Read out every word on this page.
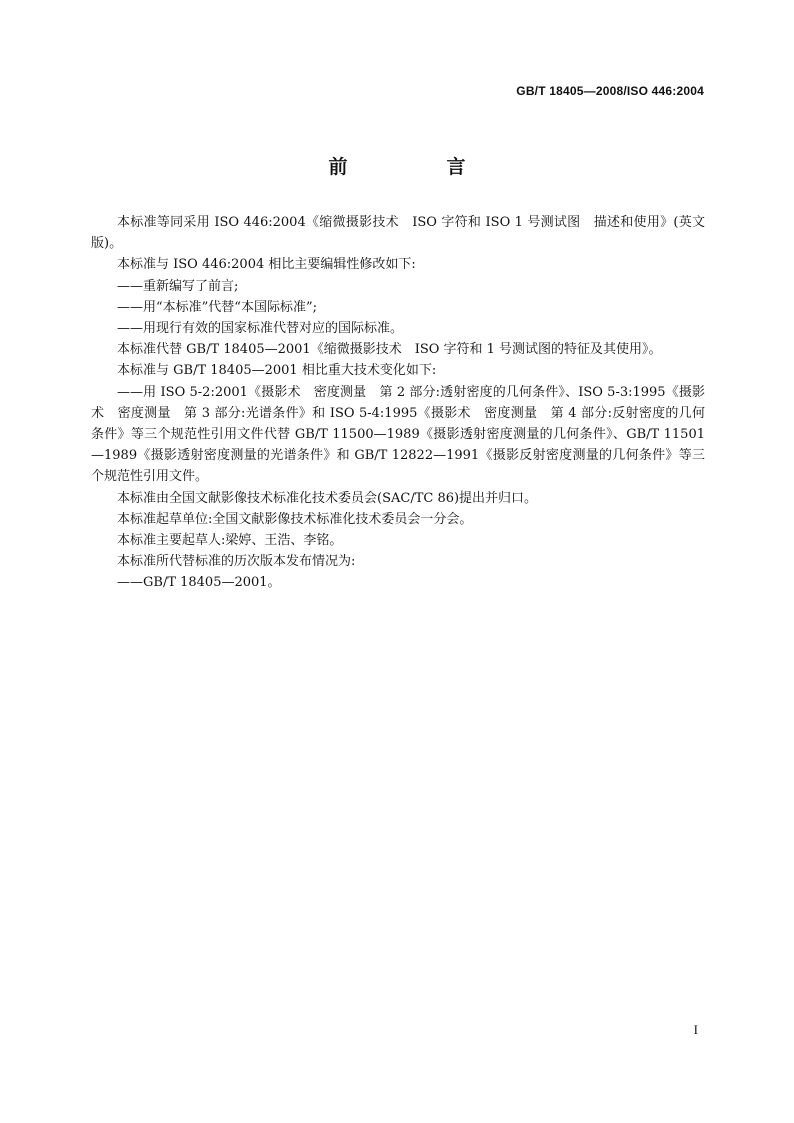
GB/T 18405—2008/ISO 446:2004
前　言

本标准等同采用 ISO 446:2004《缩微摄影技术　ISO 字符和 ISO 1 号测试图　描述和使用》(英文版)。

本标准与 ISO 446:2004 相比主要编辑性修改如下:

——重新编写了前言;

——用“本标准”代替“本国际标准”;

——用现行有效的国家标准代替对应的国际标准。

本标准代替 GB/T 18405—2001《缩微摄影技术　ISO 字符和 1 号测试图的特征及其使用》。

本标准与 GB/T 18405—2001 相比重大技术变化如下:

——用 ISO 5-2:2001《摄影术　密度测量　第 2 部分:透射密度的几何条件》、ISO 5-3:1995《摄影术　密度测量　第 3 部分:光谱条件》和 ISO 5-4:1995《摄影术　密度测量　第 4 部分:反射密度的几何条件》等三个规范性引用文件代替 GB/T 11500—1989《摄影透射密度测量的几何条件》、GB/T 11501—1989《摄影透射密度测量的光谱条件》和 GB/T 12822—1991《摄影反射密度测量的几何条件》等三个规范性引用文件。

本标准由全国文献影像技术标准化技术委员会(SAC/TC 86)提出并归口。

本标准起草单位:全国文献影像技术标准化技术委员会一分会。

本标准主要起草人:梁婷、王浩、李铭。

本标准所代替标准的历次版本发布情况为:

——GB/T 18405—2001。

I
